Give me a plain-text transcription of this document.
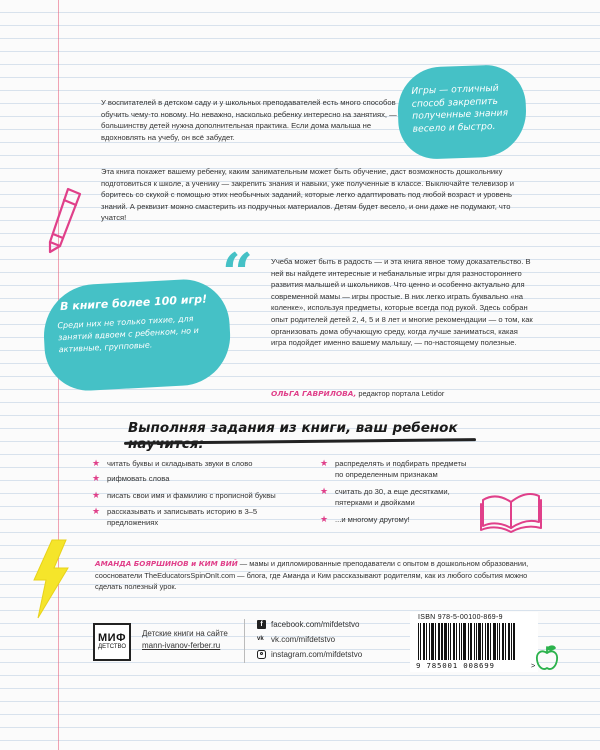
У воспитателей в детском саду и у школьных преподавателей есть много способов обучить чему-то новому. Но неважно, насколько ребенку интересно на занятиях, — большинству детей нужна дополнительная практика. Если дома малыша не вдохновлять на учебу, он всё забудет.
Эта книга покажет вашему ребенку, каким занимательным может быть обучение, даст возможность дошкольнику подготовиться к школе, а ученику — закрепить знания и навыки, уже полученные в классе. Выключайте телевизор и боритесь со скукой с помощью этих необычных заданий, которые легко адаптировать под любой возраст и уровень знаний. А реквизит можно смастерить из подручных материалов. Детям будет весело, и они даже не подумают, что учатся!
Игры — отличный способ закрепить полученные знания весело и быстро.
В книге более 100 игр!
Среди них не только тихие, для занятий вдвоем с ребенком, но и активные, групповые.
“ Учеба может быть в радость — и эта книга явное тому доказательство. В ней вы найдете интересные и небанальные игры для разностороннего развития малышей и школьников. Что ценно и особенно актуально для современной мамы — игры простые. В них легко играть буквально «на коленке», используя предметы, которые всегда под рукой. Здесь собран опыт родителей детей 2, 4, 5 и 8 лет и многие рекомендации — о том, как организовать дома обучающую среду, когда лучше заниматься, какая игра подойдет именно вашему малышу, — по-настоящему полезные.
ОЛЬГА ГАВРИЛОВА, редактор портала Letidor
Выполняя задания из книги, ваш ребенок
★ читать буквы и складывать звуки в слово
★ рифмовать слова
★ писать свои имя и фамилию с прописной буквы
★ рассказывать и записывать историю в 3–5 предложениях
★ распределять и подбирать предметы по определенным признакам
★ считать до 30, а еще десятками, пятерками и двойками
★ ...и многому другому!
АМАНДА БОЯРШИНОВ и КИМ ВИЙ — мамы и дипломированные преподаватели с опытом в дошкольном образовании, сооснователи TheEducatorsSpinOnIt.com — блога, где Аманда и Ким рассказывают родителям, как из любого события можно сделать полезный урок.
МИФ
ДЕТСТВО
Детские книги на сайте
mann-ivanov-ferber.ru
f	facebook.com/mifdetstvo
vk vk.com/mifdetstvo
instagram.com/mifdetstvo
ISBN 978-5-00100-869-9
9 785001 008699	>
